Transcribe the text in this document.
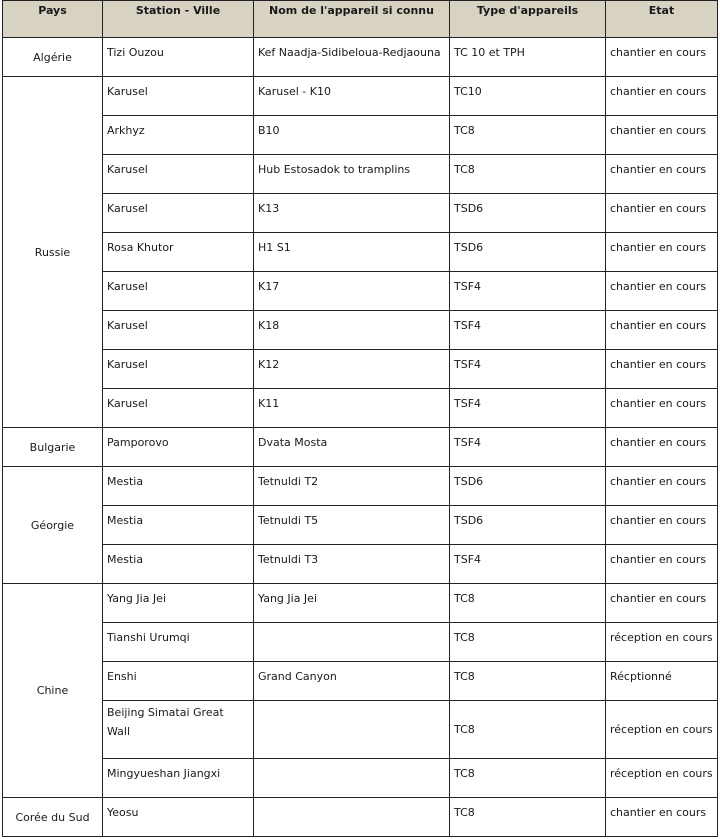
Pays	Station - Ville	Nom de l'appareil si connu	Type d'appareils	Etat
Algérie	Tizi Ouzou	Kef Naadja-Sidibeloua-Redjaouna	TC 10 et TPH	chantier en cours
Russie	Karusel	Karusel - K10	TC10	chantier en cours
	Arkhyz	B10	TC8	chantier en cours
	Karusel	Hub Estosadok to tramplins	TC8	chantier en cours
	Karusel	K13	TSD6	chantier en cours
	Rosa Khutor	H1 S1	TSD6	chantier en cours
	Karusel	K17	TSF4	chantier en cours
	Karusel	K18	TSF4	chantier en cours
	Karusel	K12	TSF4	chantier en cours
	Karusel	K11	TSF4	chantier en cours
Bulgarie	Pamporovo	Dvata Mosta	TSF4	chantier en cours
Géorgie	Mestia	Tetnuldi T2	TSD6	chantier en cours
	Mestia	Tetnuldi T5	TSD6	chantier en cours
	Mestia	Tetnuldi T3	TSF4	chantier en cours
Chine	Yang Jia Jei	Yang Jia Jei	TC8	chantier en cours
	Tianshi Urumqi		TC8	réception en cours
	Enshi	Grand Canyon	TC8	Récptionné
	Beijing Simatai Great Wall		TC8	réception en cours
	Mingyueshan Jiangxi		TC8	réception en cours
Corée du Sud	Yeosu		TC8	chantier en cours
